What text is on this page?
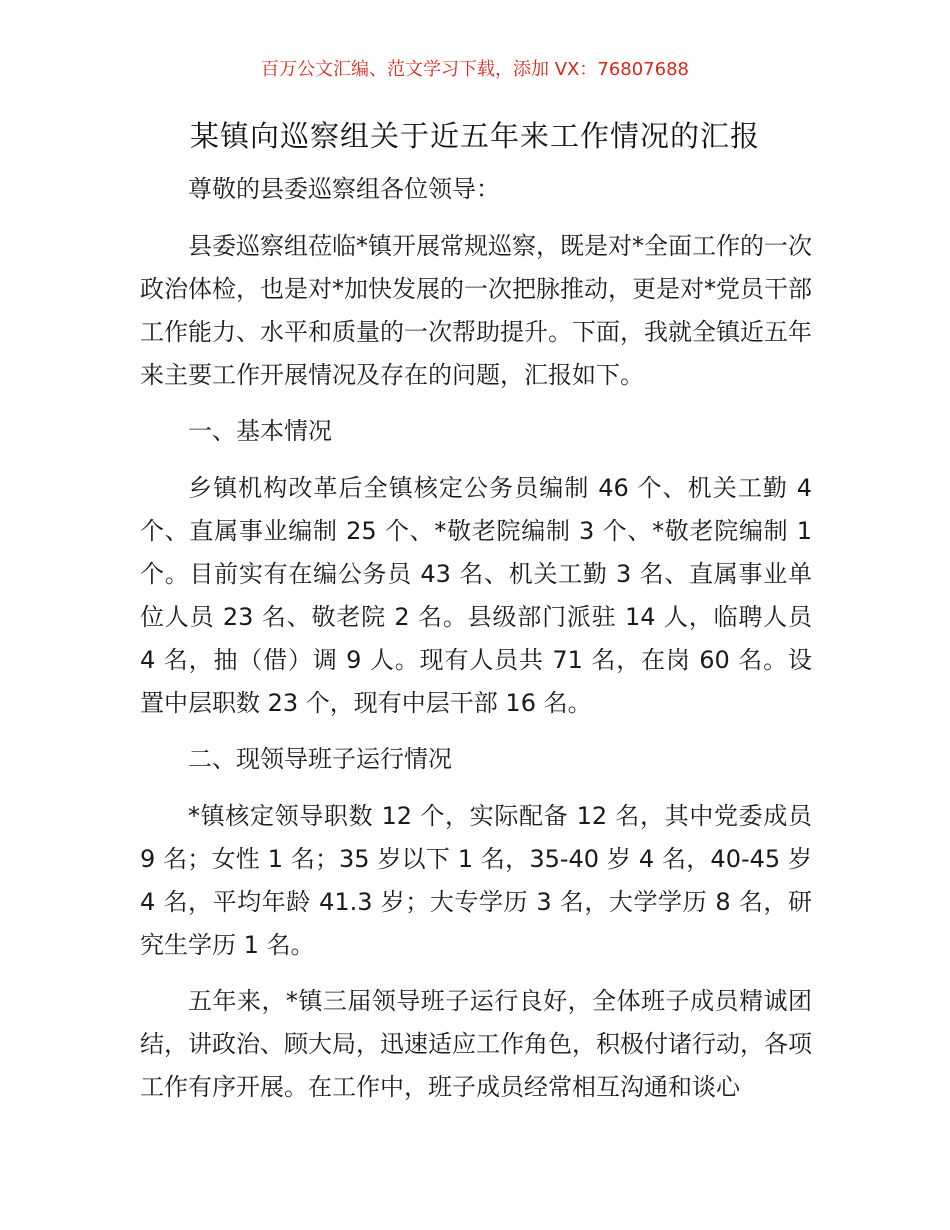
百万公文汇编、范文学习下载，添加 VX：76807688
某镇向巡察组关于近五年来工作情况的汇报

尊敬的县委巡察组各位领导：

县委巡察组莅临*镇开展常规巡察，既是对*全面工作的一次政治体检，也是对*加快发展的一次把脉推动，更是对*党员干部工作能力、水平和质量的一次帮助提升。下面，我就全镇近五年来主要工作开展情况及存在的问题，汇报如下。

一、基本情况

乡镇机构改革后全镇核定公务员编制 46 个、机关工勤 4 个、直属事业编制 25 个、*敬老院编制 3 个、*敬老院编制 1 个。目前实有在编公务员 43 名、机关工勤 3 名、直属事业单位人员 23 名、敬老院 2 名。县级部门派驻 14 人，临聘人员 4 名，抽（借）调 9 人。现有人员共 71 名，在岗 60 名。设置中层职数 23 个，现有中层干部 16 名。

二、现领导班子运行情况

*镇核定领导职数 12 个，实际配备 12 名，其中党委成员 9 名；女性 1 名；35 岁以下 1 名，35-40 岁 4 名，40-45 岁 4 名，平均年龄 41.3 岁；大专学历 3 名，大学学历 8 名，研究生学历 1 名。

五年来，*镇三届领导班子运行良好，全体班子成员精诚团结，讲政治、顾大局，迅速适应工作角色，积极付诸行动，各项工作有序开展。在工作中，班子成员经常相互沟通和谈心
